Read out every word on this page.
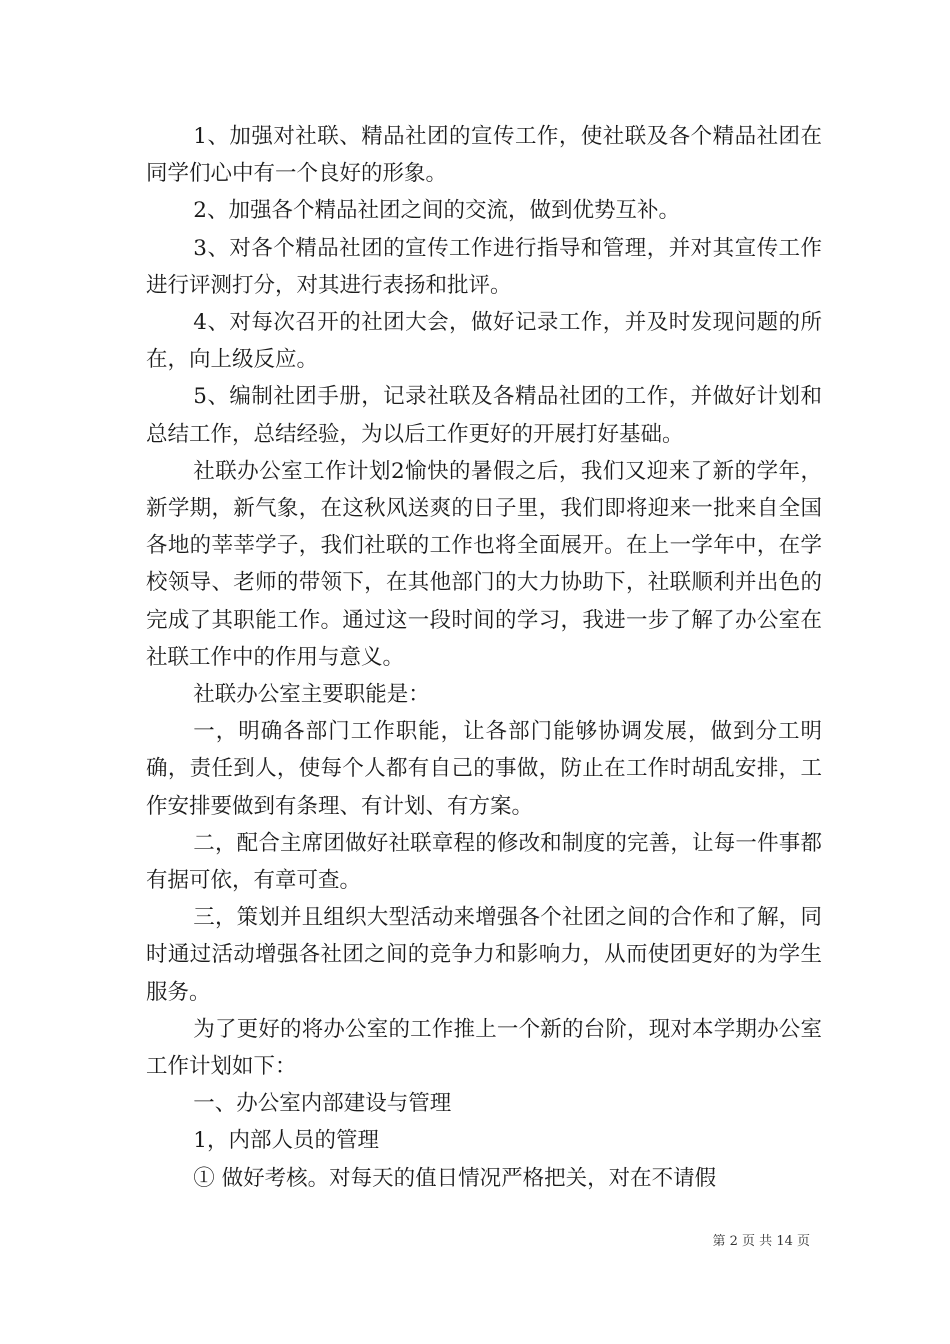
1、加强对社联、精品社团的宣传工作，使社联及各个精品社团在同学们心中有一个良好的形象。

2、加强各个精品社团之间的交流，做到优势互补。

3、对各个精品社团的宣传工作进行指导和管理，并对其宣传工作进行评测打分，对其进行表扬和批评。

4、对每次召开的社团大会，做好记录工作，并及时发现问题的所在，向上级反应。

5、编制社团手册，记录社联及各精品社团的工作，并做好计划和总结工作，总结经验，为以后工作更好的开展打好基础。

社联办公室工作计划2愉快的暑假之后，我们又迎来了新的学年，新学期，新气象，在这秋风送爽的日子里，我们即将迎来一批来自全国各地的莘莘学子，我们社联的工作也将全面展开。在上一学年中，在学校领导、老师的带领下，在其他部门的大力协助下，社联顺利并出色的完成了其职能工作。通过这一段时间的学习，我进一步了解了办公室在社联工作中的作用与意义。

社联办公室主要职能是：

一，明确各部门工作职能，让各部门能够协调发展，做到分工明确，责任到人，使每个人都有自己的事做，防止在工作时胡乱安排，工作安排要做到有条理、有计划、有方案。

二，配合主席团做好社联章程的修改和制度的完善，让每一件事都有据可依，有章可查。

三，策划并且组织大型活动来增强各个社团之间的合作和了解，同时通过活动增强各社团之间的竞争力和影响力，从而使团更好的为学生服务。

为了更好的将办公室的工作推上一个新的台阶，现对本学期办公室工作计划如下：

一、办公室内部建设与管理

1，内部人员的管理

① 做好考核。对每天的值日情况严格把关，对在不请假

第 2 页 共 14 页
